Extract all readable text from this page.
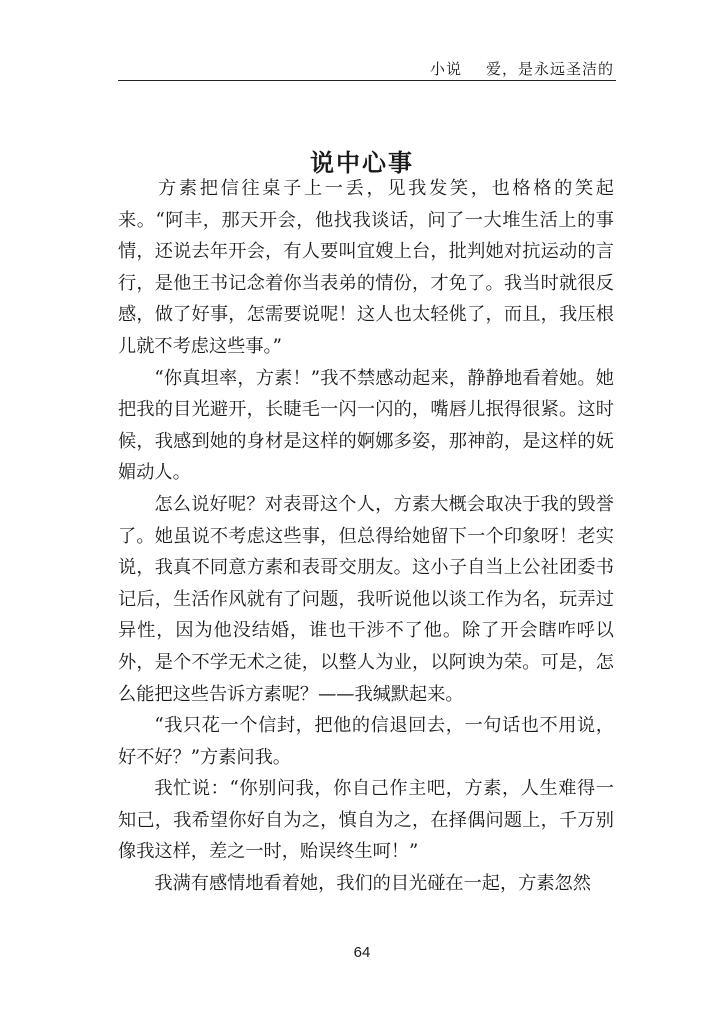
小说 爱，是永远圣洁的
说中心事

方素把信往桌子上一丢，见我发笑，也格格的笑起来。“阿丰，那天开会，他找我谈话，问了一大堆生活上的事情，还说去年开会，有人要叫宜嫂上台，批判她对抗运动的言行，是他王书记念着你当表弟的情份，才免了。我当时就很反感，做了好事，怎需要说呢！这人也太轻佻了，而且，我压根儿就不考虑这些事。”

“你真坦率，方素！”我不禁感动起来，静静地看着她。她把我的目光避开，长睫毛一闪一闪的，嘴唇儿抿得很紧。这时候，我感到她的身材是这样的婀娜多姿，那神韵，是这样的妩媚动人。

怎么说好呢？对表哥这个人，方素大概会取决于我的毁誉了。她虽说不考虑这些事，但总得给她留下一个印象呀！老实说，我真不同意方素和表哥交朋友。这小子自当上公社团委书记后，生活作风就有了问题，我听说他以谈工作为名，玩弄过异性，因为他没结婚，谁也干涉不了他。除了开会瞎咋呼以外，是个不学无术之徒，以整人为业，以阿谀为荣。可是，怎么能把这些告诉方素呢？——我缄默起来。

“我只花一个信封，把他的信退回去，一句话也不用说，好不好？”方素问我。

我忙说：“你别问我，你自己作主吧，方素，人生难得一知己，我希望你好自为之，慎自为之，在择偶问题上，千万别像我这样，差之一时，贻误终生呵！”

我满有感情地看着她，我们的目光碰在一起，方素忽然

64
